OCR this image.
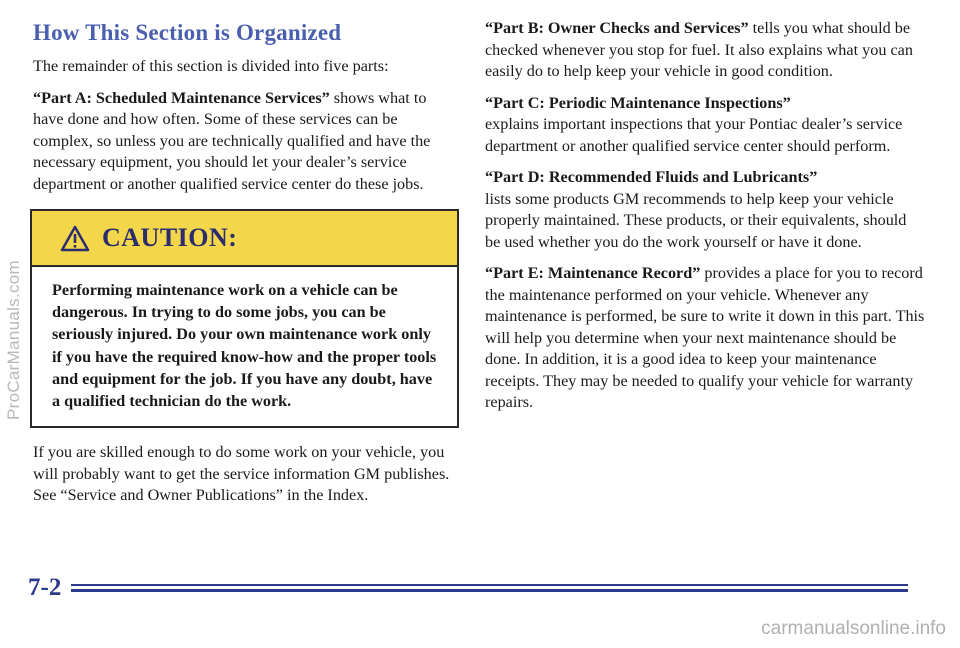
ProCarManuals.com
How This Section is Organized

The remainder of this section is divided into five parts:

“Part A: Scheduled Maintenance Services” shows what to have done and how often. Some of these services can be complex, so unless you are technically qualified and have the necessary equipment, you should let your dealer’s service department or another qualified service center do these jobs.

CAUTION:
Performing maintenance work on a vehicle can be dangerous. In trying to do some jobs, you can be seriously injured. Do your own maintenance work only if you have the required know-how and the proper tools and equipment for the job. If you have any doubt, have a qualified technician do the work.

If you are skilled enough to do some work on your vehicle, you will probably want to get the service information GM publishes. See “Service and Owner Publications” in the Index.

“Part B: Owner Checks and Services” tells you what should be checked whenever you stop for fuel. It also explains what you can easily do to help keep your vehicle in good condition.

“Part C: Periodic Maintenance Inspections”
explains important inspections that your Pontiac dealer’s service department or another qualified service center should perform.

“Part D: Recommended Fluids and Lubricants”
lists some products GM recommends to help keep your vehicle properly maintained. These products, or their equivalents, should be used whether you do the work yourself or have it done.

“Part E: Maintenance Record” provides a place for you to record the maintenance performed on your vehicle. Whenever any maintenance is performed, be sure to write it down in this part. This will help you determine when your next maintenance should be done. In addition, it is a good idea to keep your maintenance receipts. They may be needed to qualify your vehicle for warranty repairs.

7-2
carmanualsonline.info
